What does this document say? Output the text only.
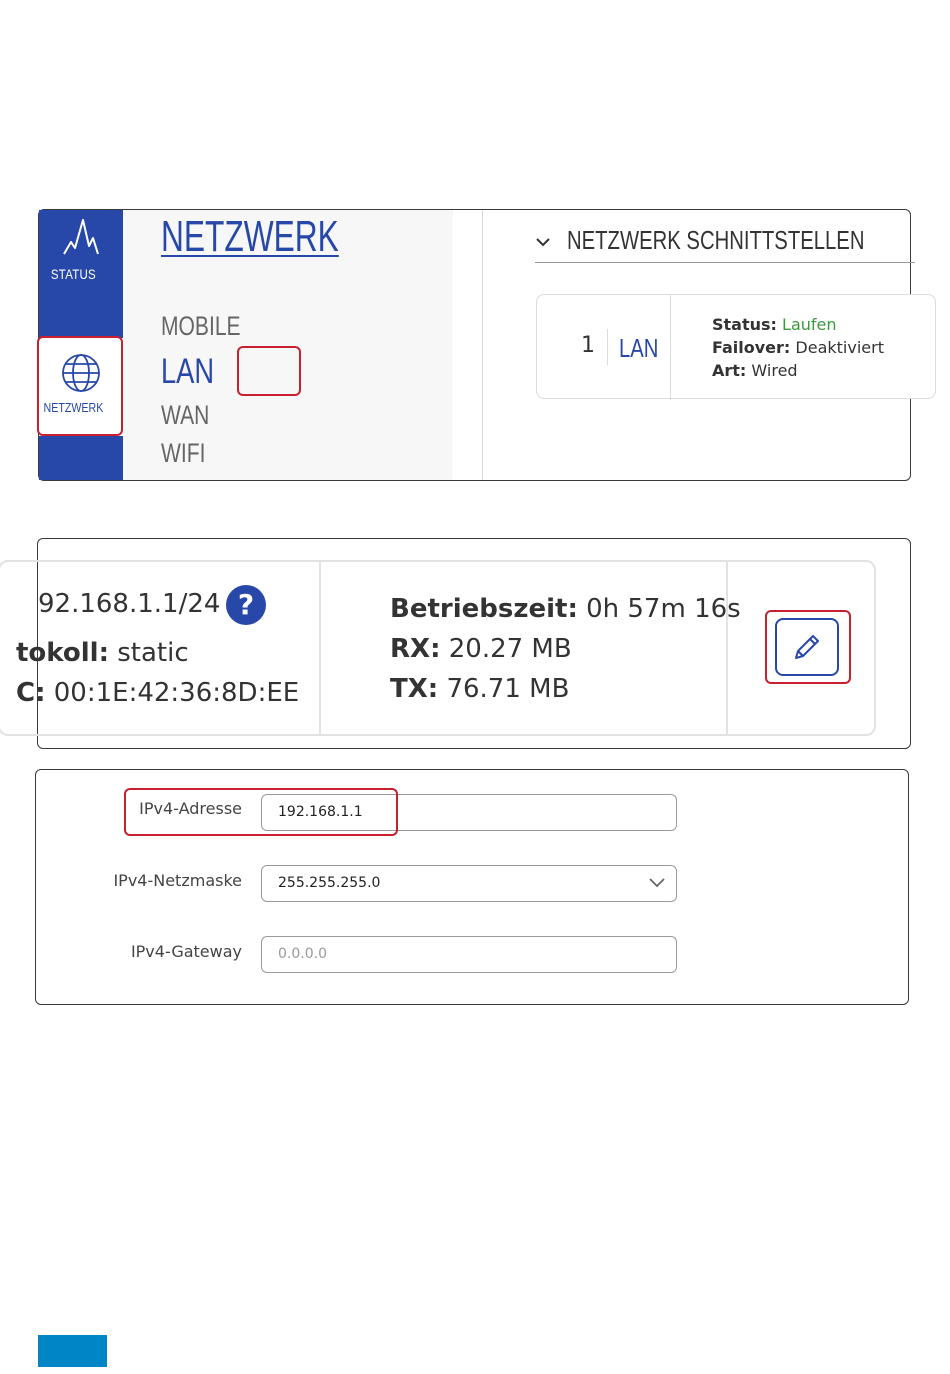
STATUS
NETZWERK
NETZWERK
MOBILE
LAN
WAN
WIFI
NETZWERK SCHNITTSTELLEN
1 LAN
Status: Laufen
Failover: Deaktiviert
Art: Wired
92.168.1.1/24 ?
tokoll: static
C: 00:1E:42:36:8D:EE
Betriebszeit: 0h 57m 16s
RX: 20.27 MB
TX: 76.71 MB
IPv4-Adresse	192.168.1.1
IPv4-Netzmaske	255.255.255.0
IPv4-Gateway	0.0.0.0
